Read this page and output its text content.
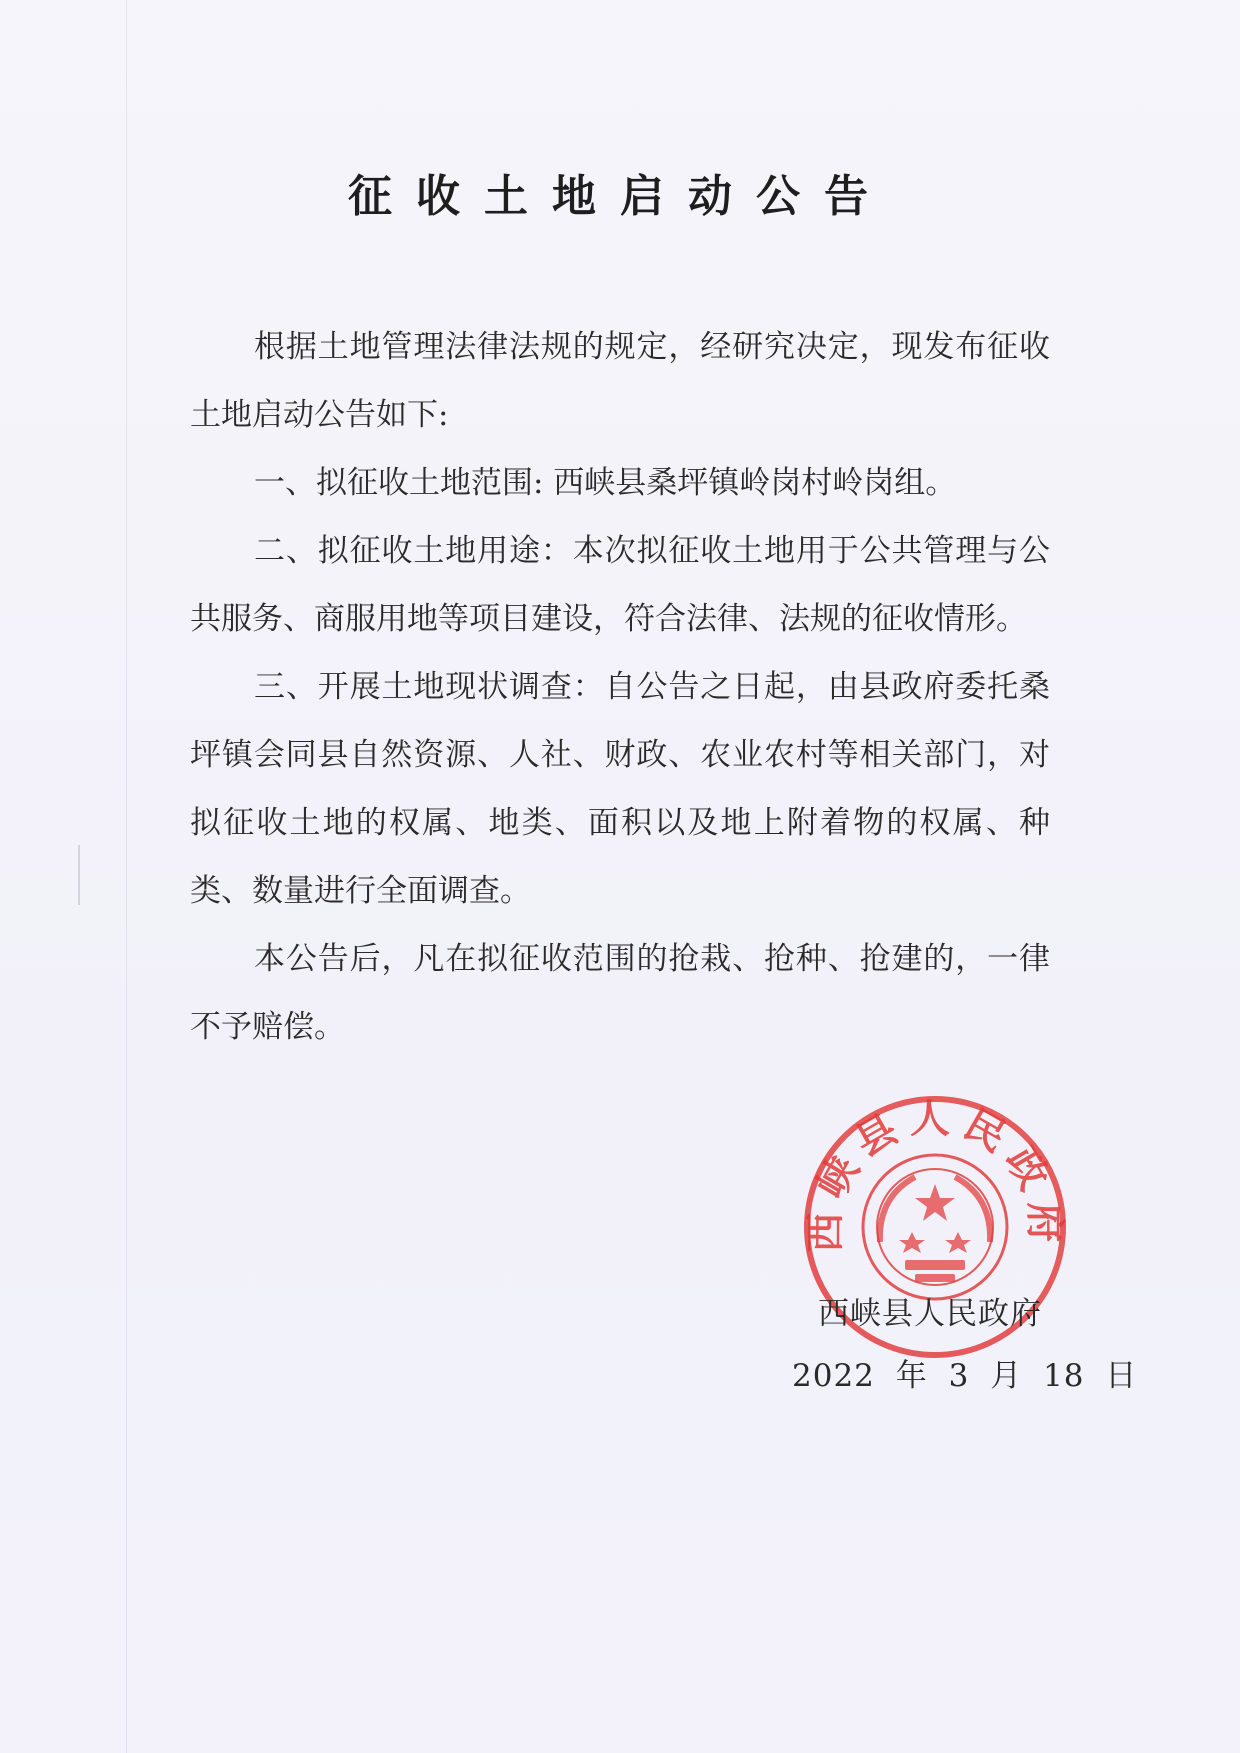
征收土地启动公告

根据土地管理法律法规的规定，经研究决定，现发布征收土地启动公告如下:

一、拟征收土地范围: 西峡县桑坪镇岭岗村岭岗组。

二、拟征收土地用途：本次拟征收土地用于公共管理与公共服务、商服用地等项目建设，符合法律、法规的征收情形。

三、开展土地现状调查：自公告之日起，由县政府委托桑坪镇会同县自然资源、人社、财政、农业农村等相关部门，对拟征收土地的权属、地类、面积以及地上附着物的权属、种类、数量进行全面调查。

本公告后，凡在拟征收范围的抢栽、抢种、抢建的，一律不予赔偿。

西峡县人民政府
西峡县人民政府
2022 年 3 月 18 日
